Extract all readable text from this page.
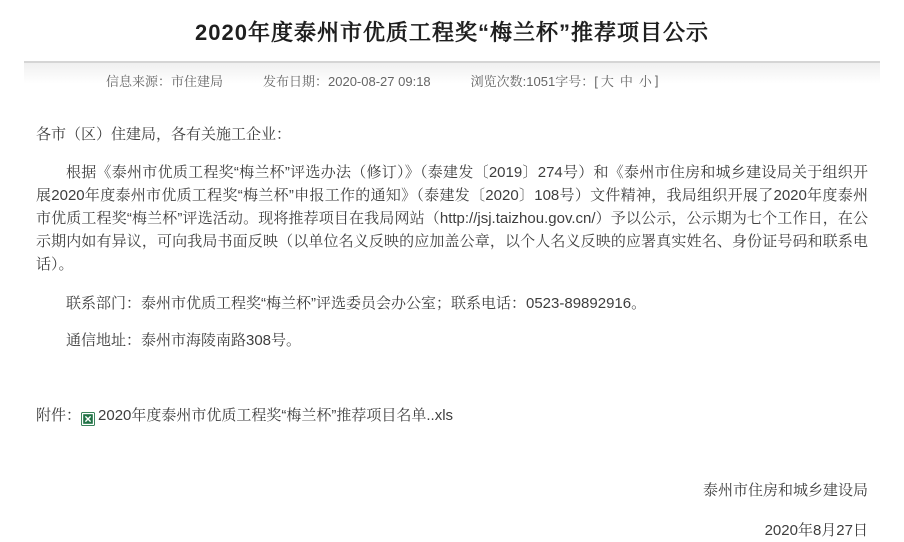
2020年度泰州市优质工程奖“梅兰杯”推荐项目公示
信息来源：市住建局	发布日期：2020-08-27 09:18	浏览次数:1051 字号：[ 大 中 小 ]

各市（区）住建局，各有关施工企业：

根据《泰州市优质工程奖“梅兰杯”评选办法（修订）》（泰建发〔2019〕274号）和《泰州市住房和城乡建设局关于组织开展2020年度泰州市优质工程奖“梅兰杯”申报工作的通知》（泰建发〔2020〕108号）文件精神，我局组织开展了2020年度泰州市优质工程奖“梅兰杯”评选活动。现将推荐项目在我局网站（http://jsj.taizhou.gov.cn/）予以公示，公示期为七个工作日，在公示期内如有异议，可向我局书面反映（以单位名义反映的应加盖公章，以个人名义反映的应署真实姓名、身份证号码和联系电话）。

联系部门：泰州市优质工程奖“梅兰杯”评选委员会办公室；联系电话：0523-89892916。

通信地址：泰州市海陵南路308号。

附件： 2020年度泰州市优质工程奖“梅兰杯”推荐项目名单..xls

泰州市住房和城乡建设局

2020年8月27日
